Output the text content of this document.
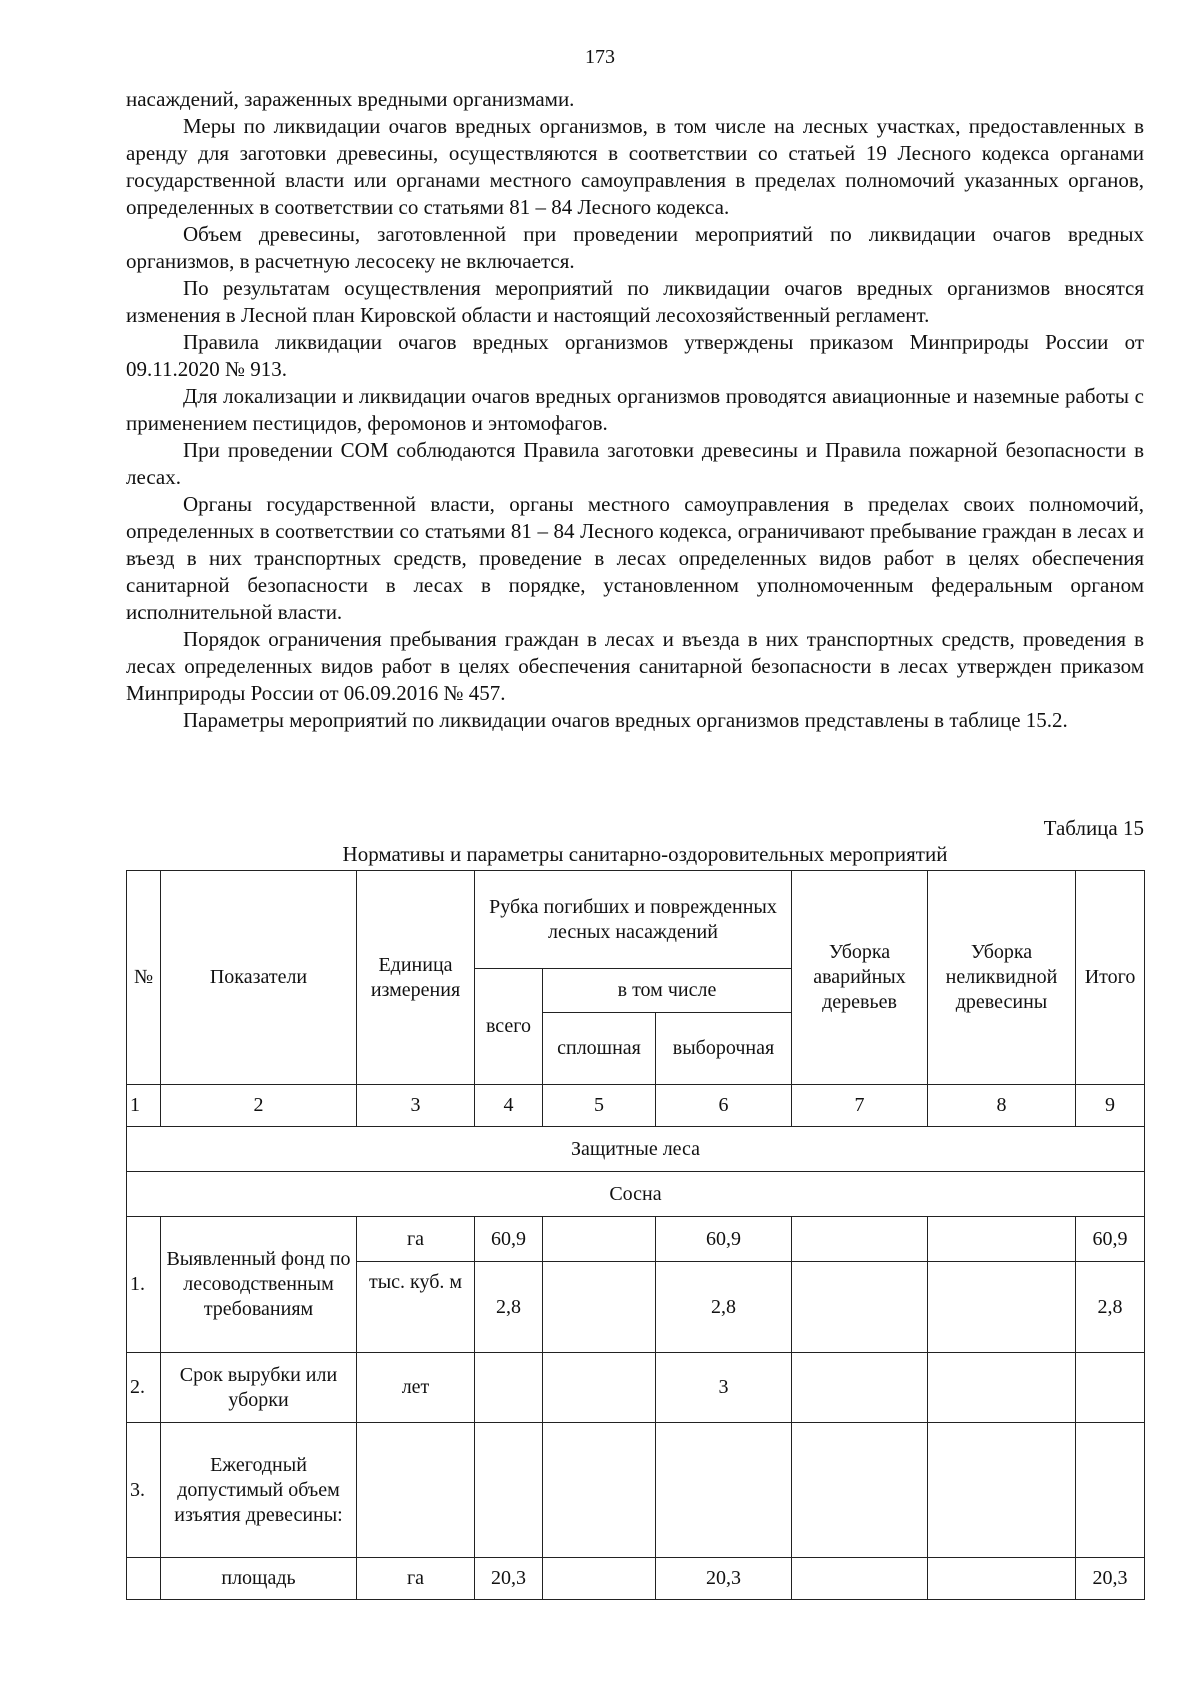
173

насаждений, зараженных вредными организмами.

Меры по ликвидации очагов вредных организмов, в том числе на лесных участках, предоставленных в аренду для заготовки древесины, осуществляются в соответствии со статьей 19 Лесного кодекса органами государственной власти или органами местного самоуправления в пределах полномочий указанных органов, определенных в соответствии со статьями 81 – 84 Лесного кодекса.

Объем древесины, заготовленной при проведении мероприятий по ликвидации очагов вредных организмов, в расчетную лесосеку не включается.

По результатам осуществления мероприятий по ликвидации очагов вредных организмов вносятся изменения в Лесной план Кировской области и настоящий лесохозяйственный регламент.

Правила ликвидации очагов вредных организмов утверждены приказом Минприроды России от 09.11.2020 № 913.

Для локализации и ликвидации очагов вредных организмов проводятся авиационные и наземные работы с применением пестицидов, феромонов и энтомофагов.

При проведении СОМ соблюдаются Правила заготовки древесины и Правила пожарной безопасности в лесах.

Органы государственной власти, органы местного самоуправления в пределах своих полномочий, определенных в соответствии со статьями 81 – 84 Лесного кодекса, ограничивают пребывание граждан в лесах и въезд в них транспортных средств, проведение в лесах определенных видов работ в целях обеспечения санитарной безопасности в лесах в порядке, установленном уполномоченным федеральным органом исполнительной власти.

Порядок ограничения пребывания граждан в лесах и въезда в них транспортных средств, проведения в лесах определенных видов работ в целях обеспечения санитарной безопасности в лесах утвержден приказом Минприроды России от 06.09.2016 № 457.

Параметры мероприятий по ликвидации очагов вредных организмов представлены в таблице 15.2.

Таблица 15
Нормативы и параметры санитарно-оздоровительных мероприятий
№	Показатели	Единица измерения	Рубка погибших и поврежденных лесных насаждений			Уборка аварийных деревьев	Уборка неликвидной древесины	Итого
			всего	в том числе				
				сплошная	выборочная			
1	2	3	4	5	6	7	8	9
Защитные леса								
Сосна								
1.	Выявленный фонд по лесоводственным требованиям	га	60,9		60,9			60,9
		тыс. куб. м	2,8		2,8			2,8
2.	Срок вырубки или уборки	лет			3			
3.	Ежегодный допустимый объем изъятия древесины:							
	площадь	га	20,3		20,3			20,3
